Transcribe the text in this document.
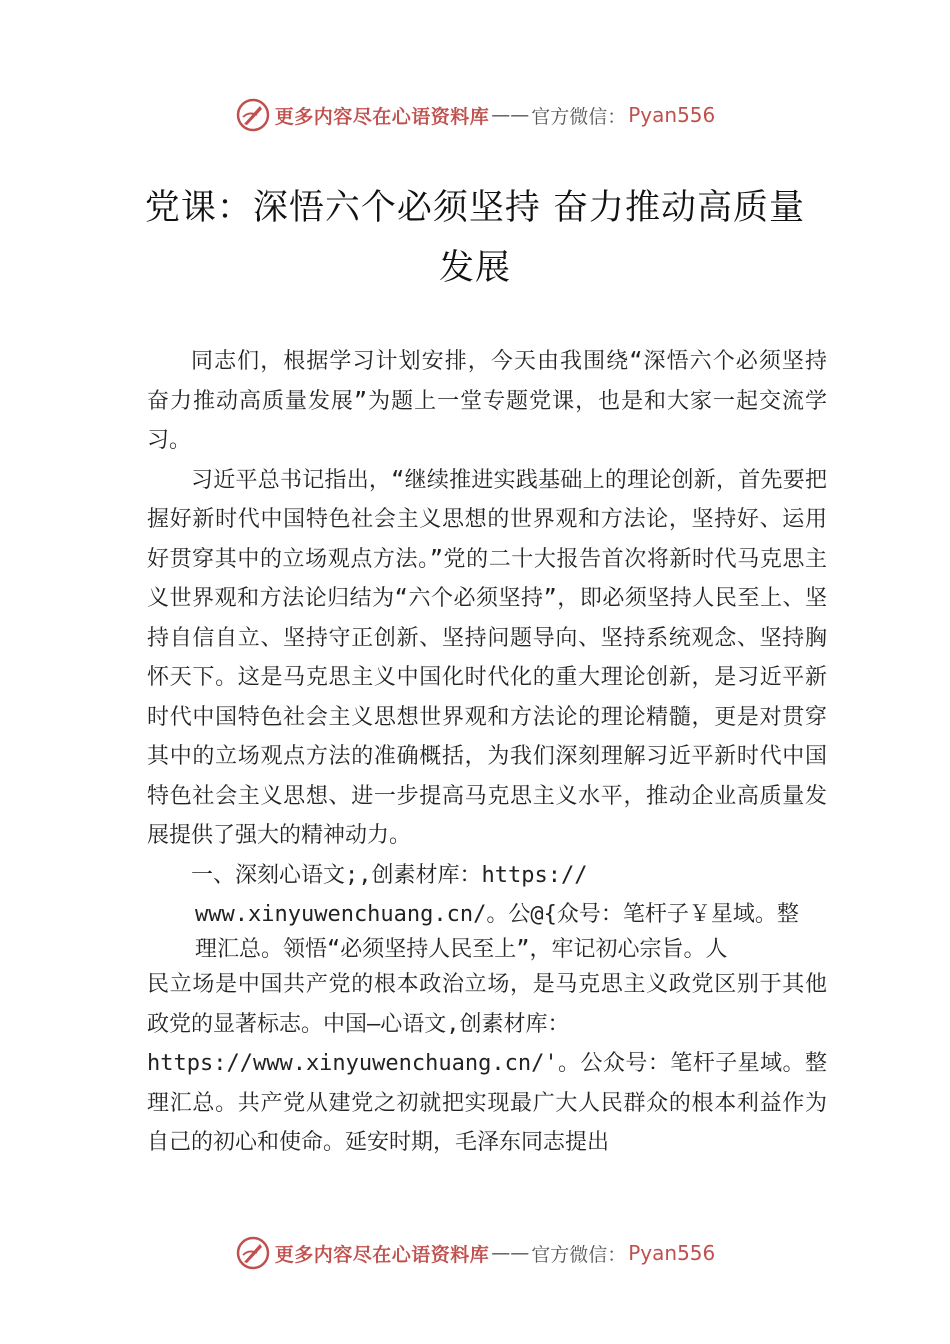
更多内容尽在心语资料库 —— 官方微信： Pyan556
党课：深悟六个必须坚持 奋力推动高质量
发展

同志们，根据学习计划安排，今天由我围绕“深悟六个必须坚持 奋力推动高质量发展”为题上一堂专题党课，也是和大家一起交流学习。

习近平总书记指出，“继续推进实践基础上的理论创新，首先要把握好新时代中国特色社会主义思想的世界观和方法论，坚持好、运用好贯穿其中的立场观点方法。”党的二十大报告首次将新时代马克思主义世界观和方法论归结为“六个必须坚持”，即必须坚持人民至上、坚持自信自立、坚持守正创新、坚持问题导向、坚持系统观念、坚持胸怀天下。这是马克思主义中国化时代化的重大理论创新，是习近平新时代中国特色社会主义思想世界观和方法论的理论精髓，更是对贯穿其中的立场观点方法的准确概括，为我们深刻理解习近平新时代中国特色社会主义思想、进一步提高马克思主义水平，推动企业高质量发展提供了强大的精神动力。

一、深刻心语文;,创素材库：https://

www.xinyuwenchuang.cn/。公@{众号：笔杆子￥星域。整

理汇总。领悟“必须坚持人民至上”，牢记初心宗旨。人

民立场是中国共产党的根本政治立场，是马克思主义政党区别于其他政党的显著标志。中国—心语文,创素材库：

https://www.xinyuwenchuang.cn/'。公众号：笔杆子星域。整理汇总。共产党从建党之初就把实现最广大人民群众的根本利益作为自己的初心和使命。延安时期，毛泽东同志提出

更多内容尽在心语资料库 —— 官方微信： Pyan556
